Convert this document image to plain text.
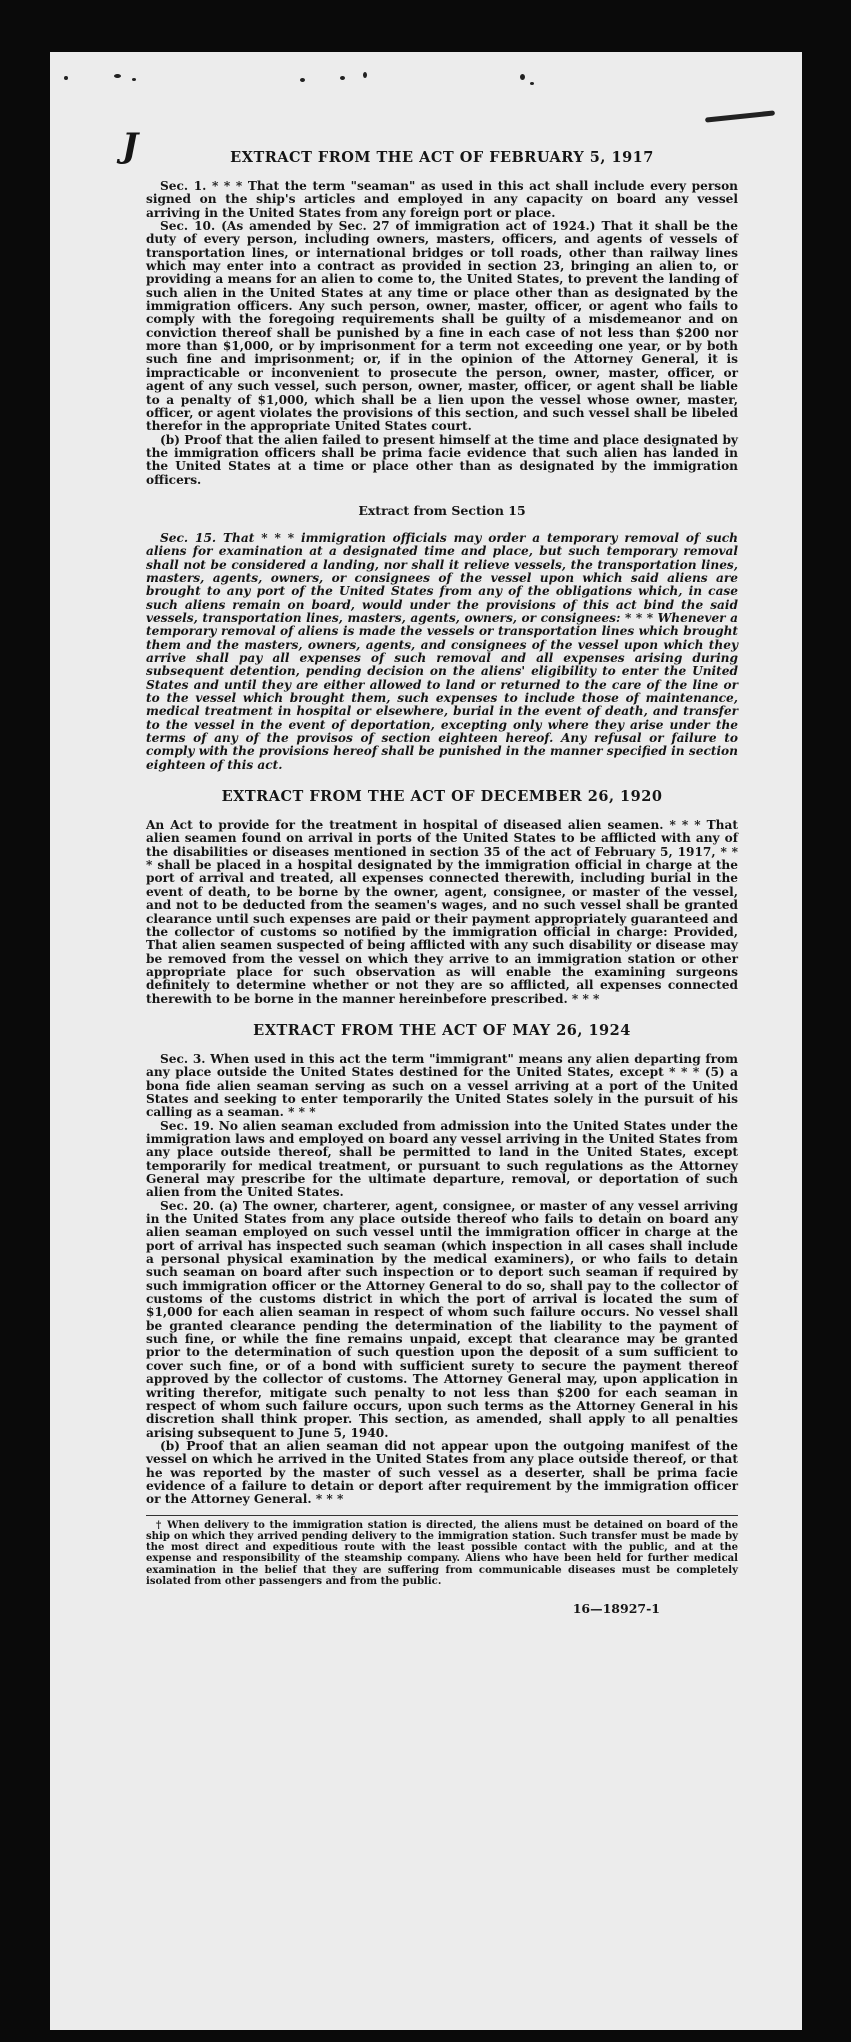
J	EXTRACT FROM THE ACT OF FEBRUARY 5, 1917

Sec. 1. * * * That the term "seaman" as used in this act shall include every person signed on the ship's articles and employed in any capacity on board any vessel arriving in the United States from any foreign port or place.

Sec. 10. (As amended by Sec. 27 of immigration act of 1924.) That it shall be the duty of every person, including owners, masters, officers, and agents of vessels of transportation lines, or international bridges or toll roads, other than railway lines which may enter into a contract as provided in section 23, bringing an alien to, or providing a means for an alien to come to, the United States, to prevent the landing of such alien in the United States at any time or place other than as designated by the immigration officers. Any such person, owner, master, officer, or agent who fails to comply with the foregoing requirements shall be guilty of a misdemeanor and on conviction thereof shall be punished by a fine in each case of not less than $200 nor more than $1,000, or by imprisonment for a term not exceeding one year, or by both such fine and imprisonment; or, if in the opinion of the Attorney General, it is impracticable or inconvenient to prosecute the person, owner, master, officer, or agent of any such vessel, such person, owner, master, officer, or agent shall be liable to a penalty of $1,000, which shall be a lien upon the vessel whose owner, master, officer, or agent violates the provisions of this section, and such vessel shall be libeled therefor in the appropriate United States court.

(b) Proof that the alien failed to present himself at the time and place designated by the immigration officers shall be prima facie evidence that such alien has landed in the United States at a time or place other than as designated by the immigration officers.

Extract from Section 15

Sec. 15. That * * * immigration officials may order a temporary removal of such aliens for examination at a designated time and place, but such temporary removal shall not be considered a landing, nor shall it relieve vessels, the transportation lines, masters, agents, owners, or consignees of the vessel upon which said aliens are brought to any port of the United States from any of the obligations which, in case such aliens remain on board, would under the provisions of this act bind the said vessels, transportation lines, masters, agents, owners, or consignees: * * * Whenever a temporary removal of aliens is made the vessels or transportation lines which brought them and the masters, owners, agents, and consignees of the vessel upon which they arrive shall pay all expenses of such removal and all expenses arising during subsequent detention, pending decision on the aliens' eligibility to enter the United States and until they are either allowed to land or returned to the care of the line or to the vessel which brought them, such expenses to include those of maintenance, medical treatment in hospital or elsewhere, burial in the event of death, and transfer to the vessel in the event of deportation, excepting only where they arise under the terms of any of the provisos of section eighteen hereof. Any refusal or failure to comply with the provisions hereof shall be punished in the manner specified in section eighteen of this act.

EXTRACT FROM THE ACT OF DECEMBER 26, 1920

An Act to provide for the treatment in hospital of diseased alien seamen. * * * That alien seamen found on arrival in ports of the United States to be afflicted with any of the disabilities or diseases mentioned in section 35 of the act of February 5, 1917, * * * shall be placed in a hospital designated by the immigration official in charge at the port of arrival and treated, all expenses connected therewith, including burial in the event of death, to be borne by the owner, agent, consignee, or master of the vessel, and not to be deducted from the seamen's wages, and no such vessel shall be granted clearance until such expenses are paid or their payment appropriately guaranteed and the collector of customs so notified by the immigration official in charge: Provided, That alien seamen suspected of being afflicted with any such disability or disease may be removed from the vessel on which they arrive to an immigration station or other appropriate place for such observation as will enable the examining surgeons definitely to determine whether or not they are so afflicted, all expenses connected therewith to be borne in the manner hereinbefore prescribed. * * *

EXTRACT FROM THE ACT OF MAY 26, 1924

Sec. 3. When used in this act the term "immigrant" means any alien departing from any place outside the United States destined for the United States, except * * * (5) a bona fide alien seaman serving as such on a vessel arriving at a port of the United States and seeking to enter temporarily the United States solely in the pursuit of his calling as a seaman. * * *

Sec. 19. No alien seaman excluded from admission into the United States under the immigration laws and employed on board any vessel arriving in the United States from any place outside thereof, shall be permitted to land in the United States, except temporarily for medical treatment, or pursuant to such regulations as the Attorney General may prescribe for the ultimate departure, removal, or deportation of such alien from the United States.

Sec. 20. (a) The owner, charterer, agent, consignee, or master of any vessel arriving in the United States from any place outside thereof who fails to detain on board any alien seaman employed on such vessel until the immigration officer in charge at the port of arrival has inspected such seaman (which inspection in all cases shall include a personal physical examination by the medical examiners), or who fails to detain such seaman on board after such inspection or to deport such seaman if required by such immigration officer or the Attorney General to do so, shall pay to the collector of customs of the customs district in which the port of arrival is located the sum of $1,000 for each alien seaman in respect of whom such failure occurs. No vessel shall be granted clearance pending the determination of the liability to the payment of such fine, or while the fine remains unpaid, except that clearance may be granted prior to the determination of such question upon the deposit of a sum sufficient to cover such fine, or of a bond with sufficient surety to secure the payment thereof approved by the collector of customs. The Attorney General may, upon application in writing therefor, mitigate such penalty to not less than $200 for each seaman in respect of whom such failure occurs, upon such terms as the Attorney General in his discretion shall think proper. This section, as amended, shall apply to all penalties arising subsequent to June 5, 1940.

(b) Proof that an alien seaman did not appear upon the outgoing manifest of the vessel on which he arrived in the United States from any place outside thereof, or that he was reported by the master of such vessel as a deserter, shall be prima facie evidence of a failure to detain or deport after requirement by the immigration officer or the Attorney General. * * *

† When delivery to the immigration station is directed, the aliens must be detained on board of the ship on which they arrived pending delivery to the immigration station. Such transfer must be made by the most direct and expeditious route with the least possible contact with the public, and at the expense and responsibility of the steamship company. Aliens who have been held for further medical examination in the belief that they are suffering from communicable diseases must be completely isolated from other passengers and from the public.

16—18927-1
